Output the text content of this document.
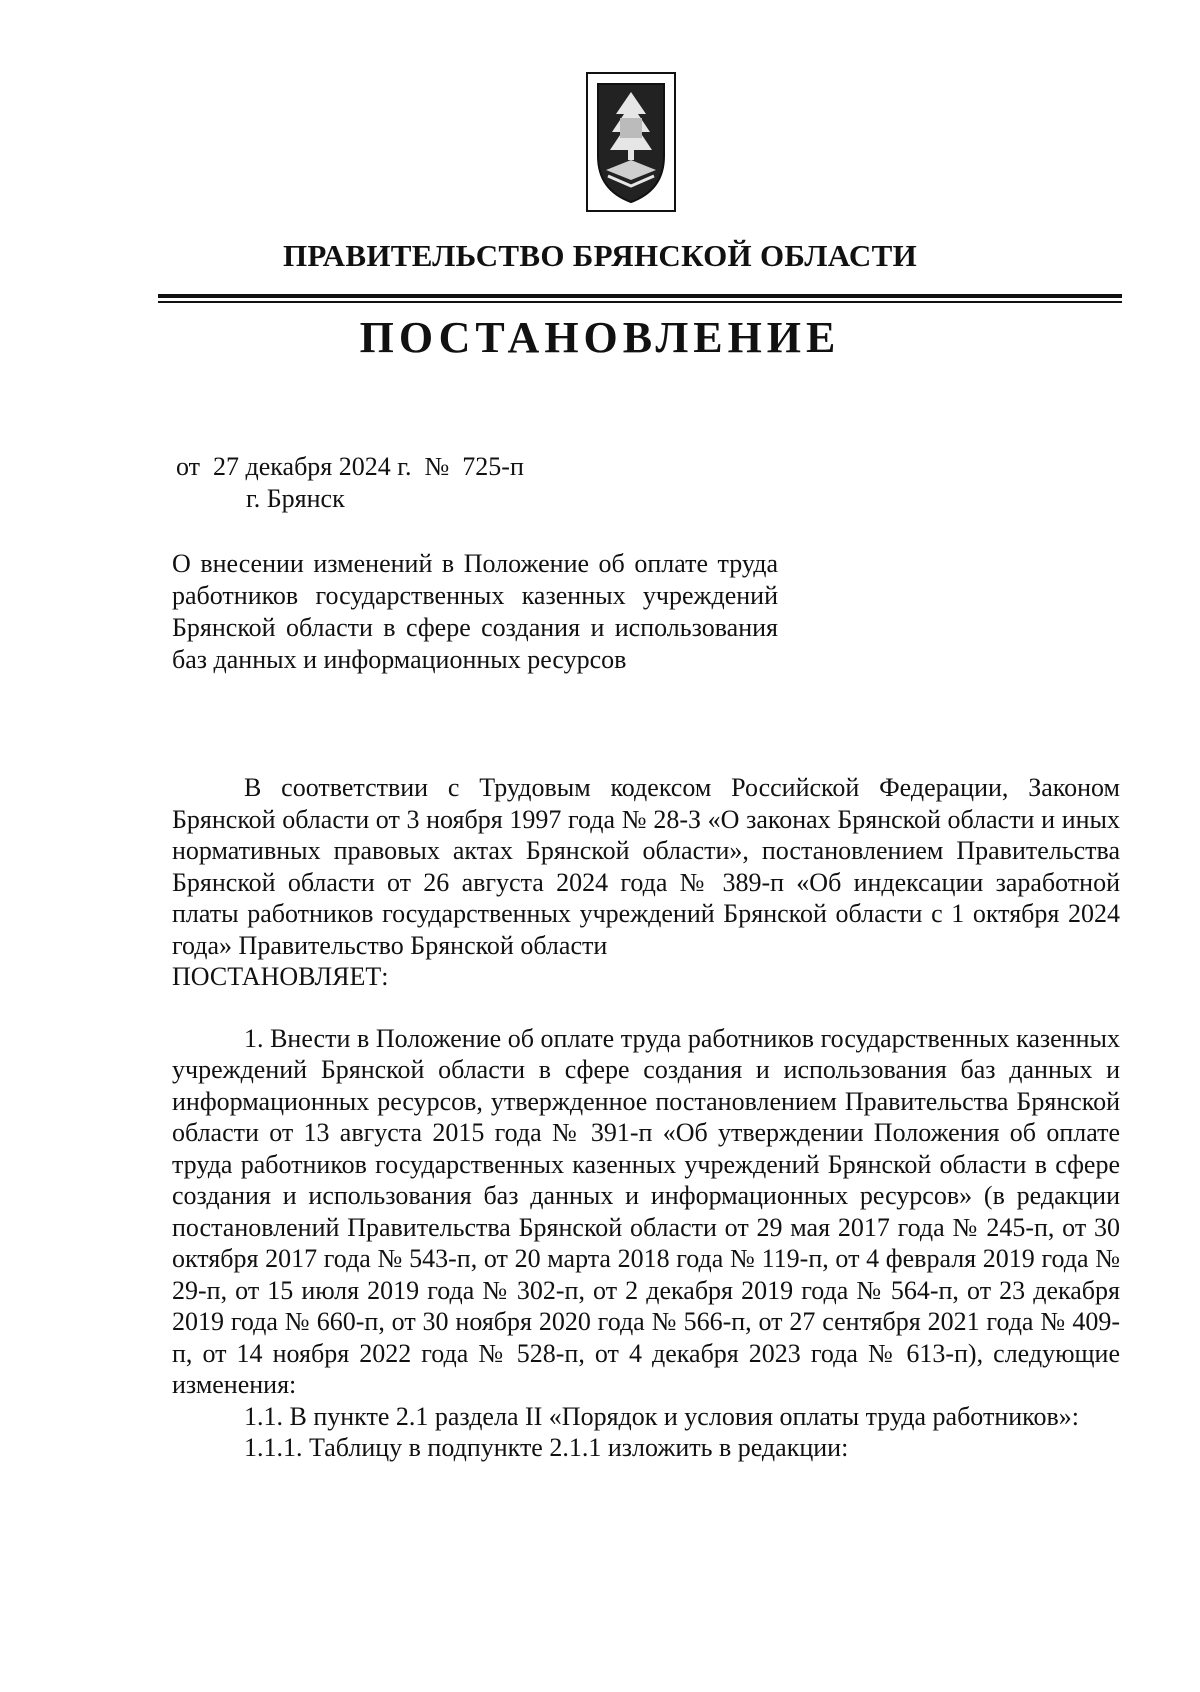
ПРАВИТЕЛЬСТВО БРЯНСКОЙ ОБЛАСТИ
ПОСТАНОВЛЕНИЕ
от  27 декабря 2024 г.  №  725-п
г. Брянск
О внесении изменений в Положение об оплате труда работников государственных казенных учреждений Брянской области в сфере создания и использования баз данных и информационных ресурсов

В соответствии с Трудовым кодексом Российской Федерации, Законом Брянской области от 3 ноября 1997 года № 28-З «О законах Брянской области и иных нормативных правовых актах Брянской области», постановлением Правительства Брянской области от 26 августа 2024 года № 389-п «Об индексации заработной платы работников государственных учреждений Брянской области с 1 октября 2024 года» Правительство Брянской области

ПОСТАНОВЛЯЕТ:

1. Внести в Положение об оплате труда работников государственных казенных учреждений Брянской области в сфере создания и использования баз данных и информационных ресурсов, утвержденное постановлением Правительства Брянской области от 13 августа 2015 года № 391-п «Об утверждении Положения об оплате труда работников государственных казенных учреждений Брянской области в сфере создания и использования баз данных и информационных ресурсов» (в редакции постановлений Правительства Брянской области от 29 мая 2017 года № 245-п, от 30 октября 2017 года № 543-п, от 20 марта 2018 года № 119-п, от 4 февраля 2019 года № 29-п, от 15 июля 2019 года № 302-п, от 2 декабря 2019 года № 564-п, от 23 декабря 2019 года № 660-п, от 30 ноября 2020 года № 566-п, от 27 сентября 2021 года № 409-п, от 14 ноября 2022 года № 528-п, от 4 декабря 2023 года № 613-п), следующие изменения:

1.1. В пункте 2.1 раздела II «Порядок и условия оплаты труда работников»:

1.1.1. Таблицу в подпункте 2.1.1 изложить в редакции:
